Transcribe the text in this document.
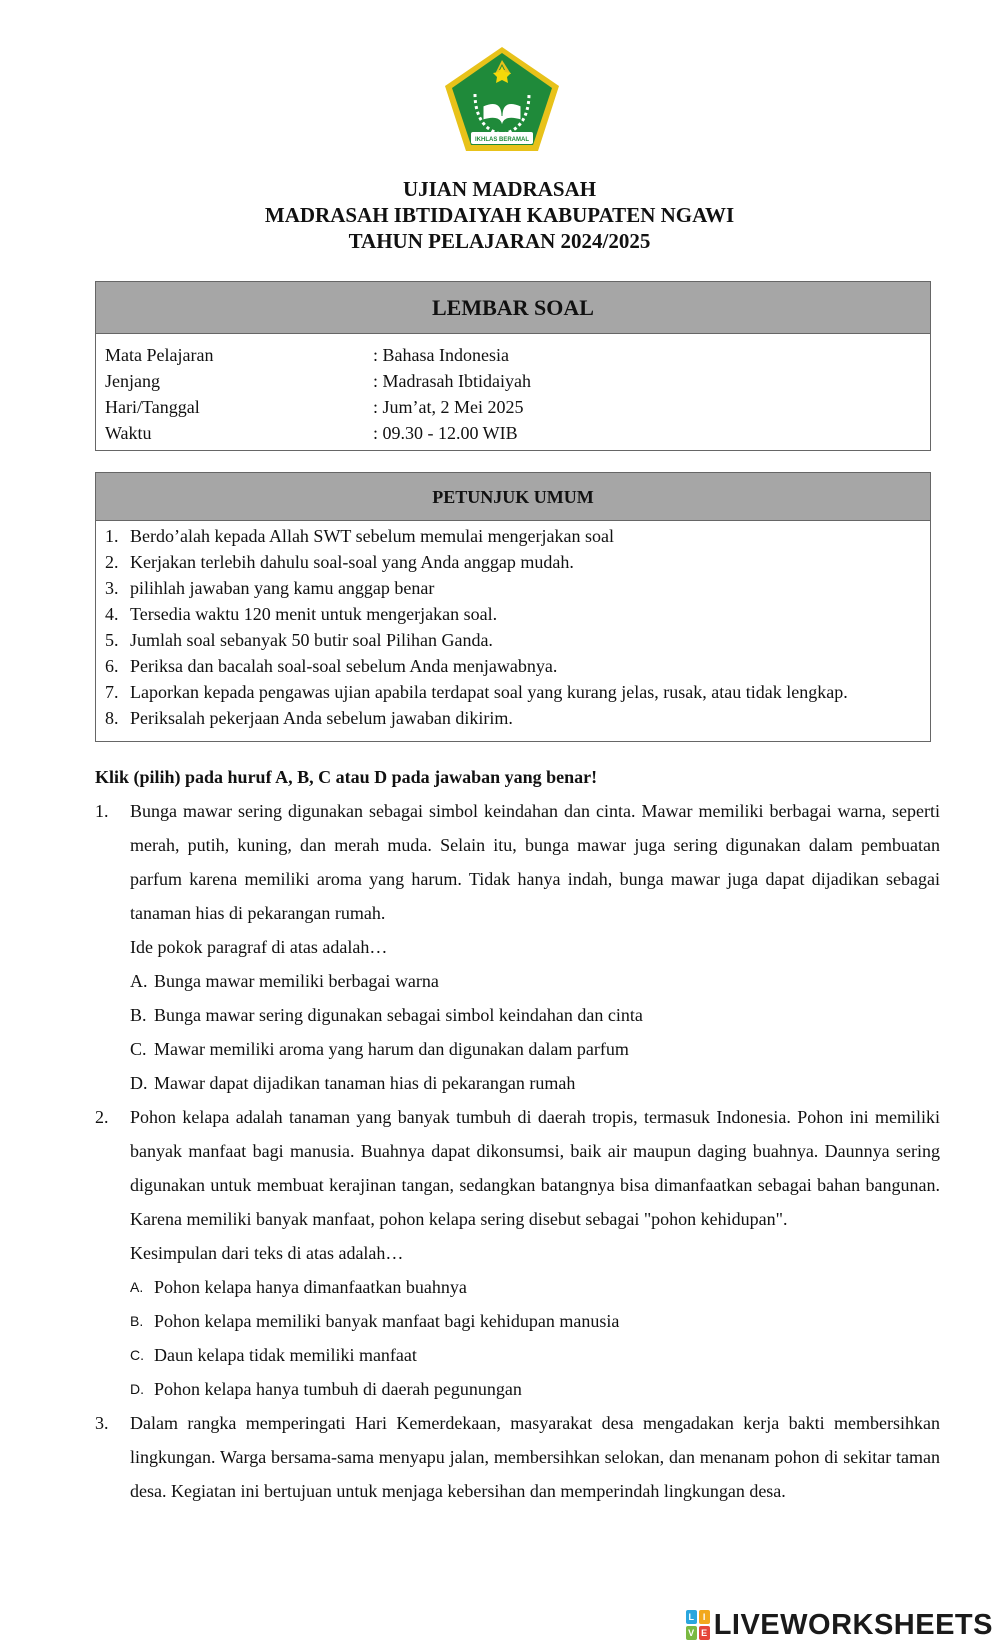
IKHLAS BERAMAL
UJIAN MADRASAH
MADRASAH IBTIDAIYAH KABUPATEN NGAWI
TAHUN PELAJARAN 2024/2025
LEMBAR SOAL
Mata Pelajaran	: Bahasa Indonesia
Jenjang	: Madrasah Ibtidaiyah
Hari/Tanggal	: Jum’at, 2 Mei 2025
Waktu	: 09.30 - 12.00 WIB
PETUNJUK UMUM
1. Berdo’alah kepada Allah SWT sebelum memulai mengerjakan soal
2. Kerjakan terlebih dahulu soal-soal yang Anda anggap mudah.
3. pilihlah jawaban yang kamu anggap benar
4. Tersedia waktu 120 menit untuk mengerjakan soal.
5. Jumlah soal sebanyak 50 butir soal Pilihan Ganda.
6. Periksa dan bacalah soal-soal sebelum Anda menjawabnya.
7. Laporkan kepada pengawas ujian apabila terdapat soal yang kurang jelas, rusak, atau tidak lengkap.
8. Periksalah pekerjaan Anda sebelum jawaban dikirim.
Klik (pilih) pada huruf A, B, C atau D pada jawaban yang benar!
1. Bunga mawar sering digunakan sebagai simbol keindahan dan cinta. Mawar memiliki berbagai warna, seperti merah, putih, kuning, dan merah muda. Selain itu, bunga mawar juga sering digunakan dalam pembuatan parfum karena memiliki aroma yang harum. Tidak hanya indah, bunga mawar juga dapat dijadikan sebagai tanaman hias di pekarangan rumah.

Ide pokok paragraf di atas adalah…
A. Bunga mawar memiliki berbagai warna
B. Bunga mawar sering digunakan sebagai simbol keindahan dan cinta
C. Mawar memiliki aroma yang harum dan digunakan dalam parfum
D. Mawar dapat dijadikan tanaman hias di pekarangan rumah
2. Pohon kelapa adalah tanaman yang banyak tumbuh di daerah tropis, termasuk Indonesia. Pohon ini memiliki banyak manfaat bagi manusia. Buahnya dapat dikonsumsi, baik air maupun daging buahnya. Daunnya sering digunakan untuk membuat kerajinan tangan, sedangkan batangnya bisa dimanfaatkan sebagai bahan bangunan. Karena memiliki banyak manfaat, pohon kelapa sering disebut sebagai "pohon kehidupan".

Kesimpulan dari teks di atas adalah…
A. Pohon kelapa hanya dimanfaatkan buahnya
B. Pohon kelapa memiliki banyak manfaat bagi kehidupan manusia
C. Daun kelapa tidak memiliki manfaat
D. Pohon kelapa hanya tumbuh di daerah pegunungan
3. Dalam rangka memperingati Hari Kemerdekaan, masyarakat desa mengadakan kerja bakti membersihkan lingkungan. Warga bersama-sama menyapu jalan, membersihkan selokan, dan menanam pohon di sekitar taman desa. Kegiatan ini bertujuan untuk menjaga kebersihan dan memperindah lingkungan desa.

L I
V E LIVEWORKSHEETS
